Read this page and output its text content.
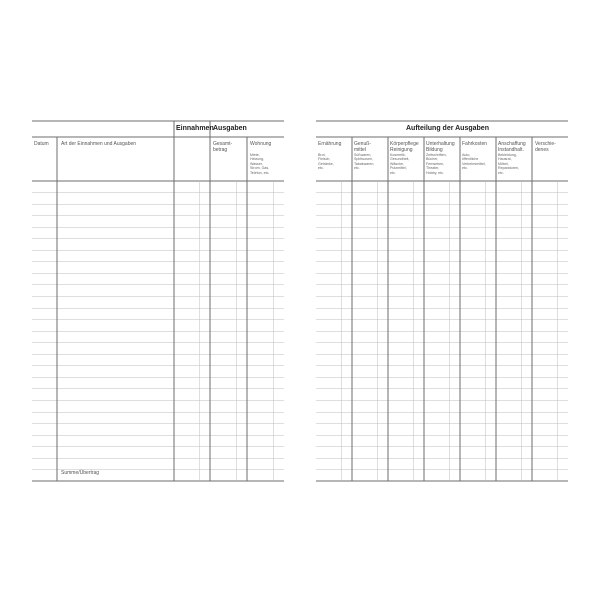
Einnahmen Ausgaben
Datum Art der Einnahmen und Ausgaben	Gesamt-
betrag
Wohnung
Miete,
Heizung,
Wasser,
Strom, Gas,
Telefon, etc.
Summe/Übertrag
Aufteilung der Ausgaben
Ernährung
Brot,
Fleisch,
Getränke,
etc.
Genuß-
mittel
Süßwaren,
Spirituosen,
Tabakwaren,
etc.
Körperpflege
Reinigung
Kosmetik,
Gesundheit,
Wäsche,
Putzmittel,
etc.
Unterhaltung
Bildung
Zeitschriften,
Bücher,
Fernsehen,
Theater,
Hobby, etc.
Fahrkosten
Auto,
öffentliche
Verkehrsmittel,
etc.
Anschaffung
Instandhalt.
Bekleidung,
Hausrat,
Möbel,
Reparaturen,
etc.
Verschie-
denes
